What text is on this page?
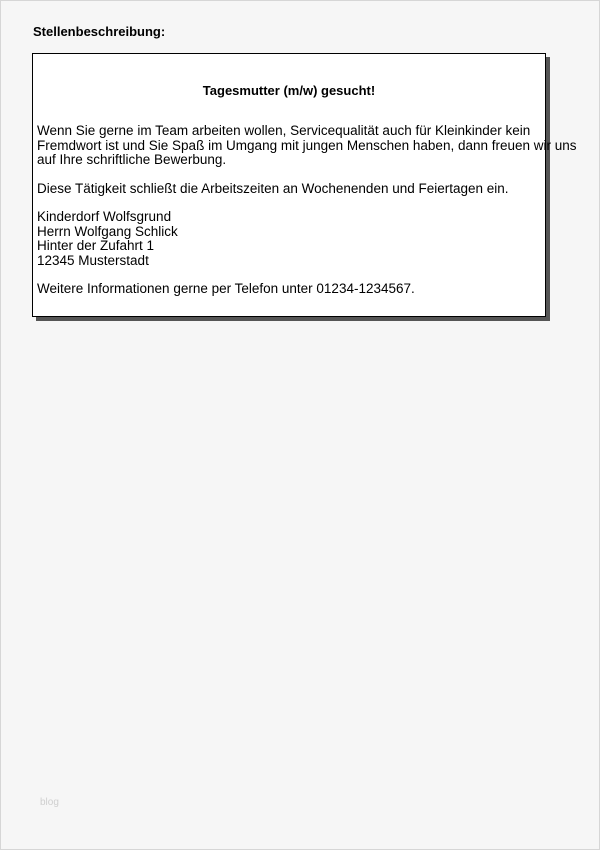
Stellenbeschreibung:
Tagesmutter (m/w) gesucht!

Wenn Sie gerne im Team arbeiten wollen, Servicequalität auch für Kleinkinder kein
Fremdwort ist und Sie Spaß im Umgang mit jungen Menschen haben, dann freuen wir uns
auf Ihre schriftliche Bewerbung.

Diese Tätigkeit schließt die Arbeitszeiten an Wochenenden und Feiertagen ein.

Kinderdorf Wolfsgrund
Herrn Wolfgang Schlick
Hinter der Zufahrt 1
12345 Musterstadt

Weitere Informationen gerne per Telefon unter 01234-1234567.

blog
